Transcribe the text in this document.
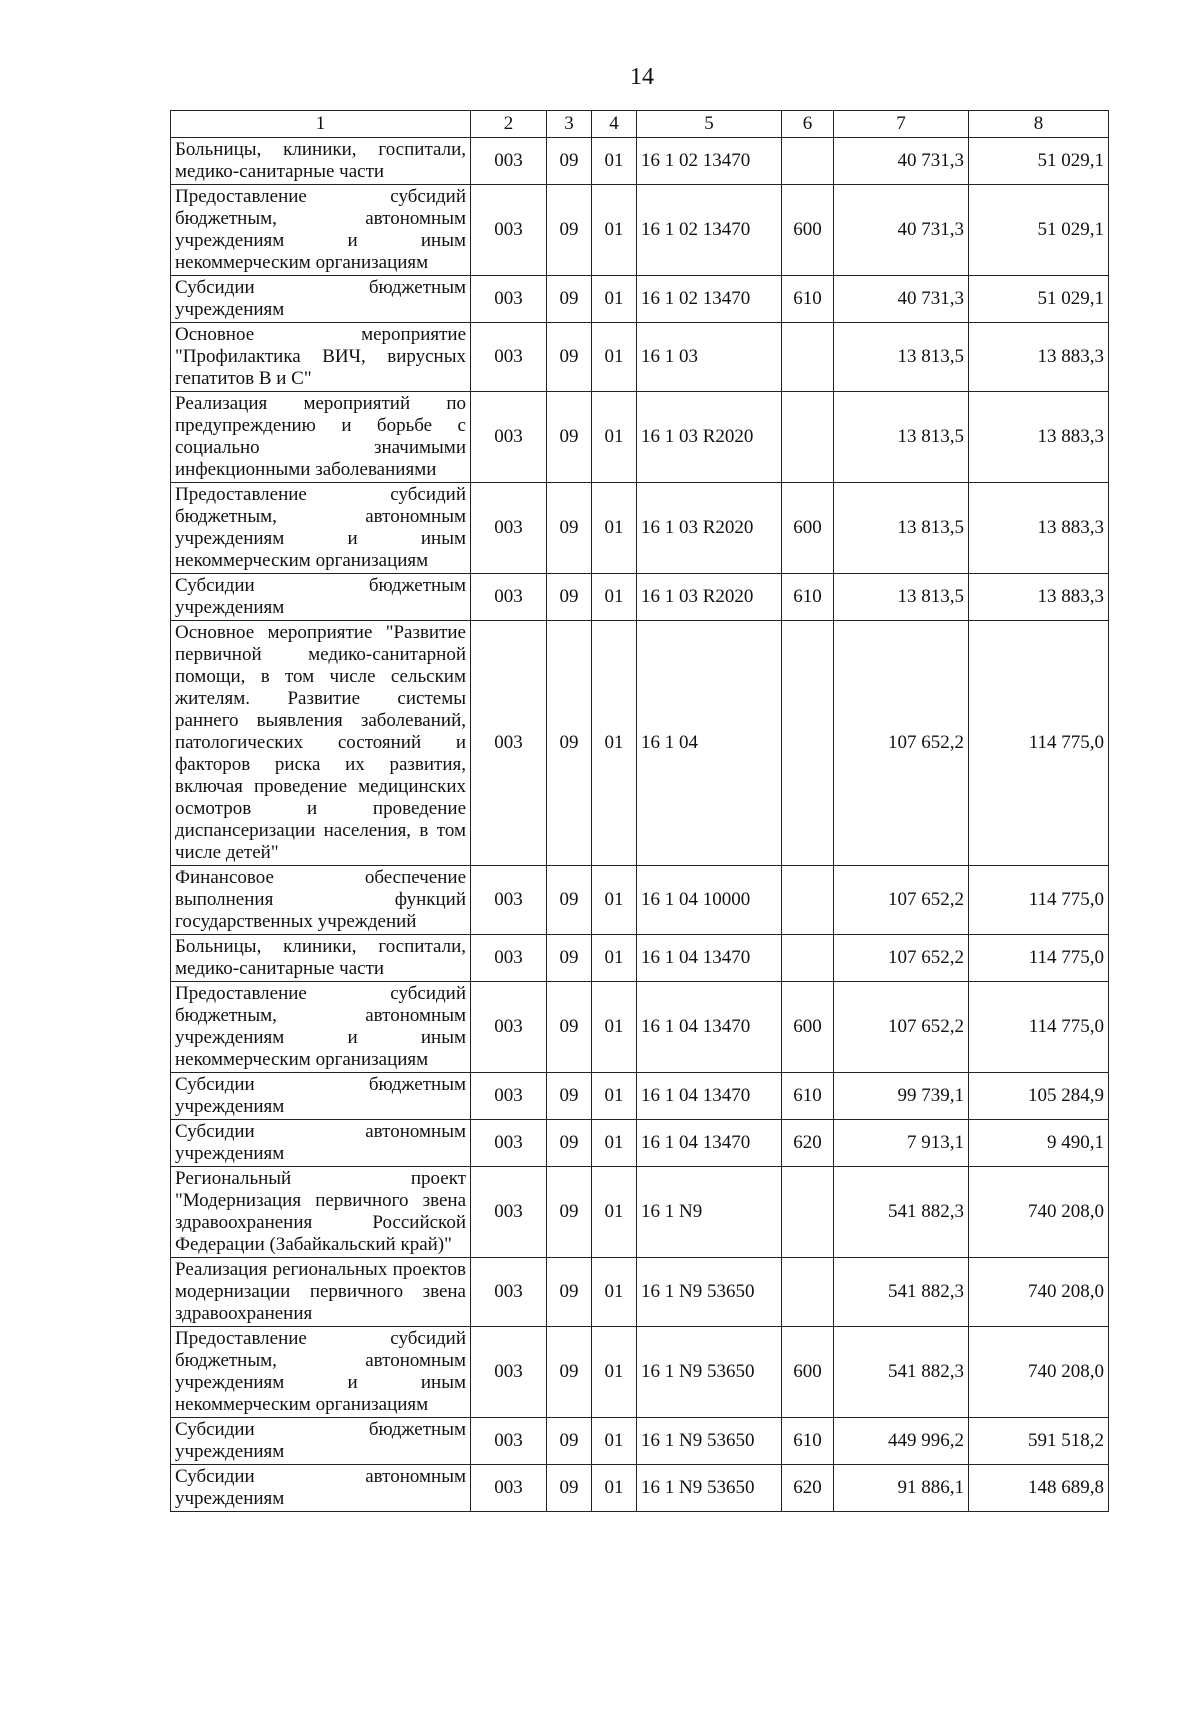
14
1	2	3	4	5	6	7	8
Больницы, клиники, госпитали, медико-санитарные части	003	09	01	16 1 02 13470		40 731,3	51 029,1
Предоставление субсидий бюджетным, автономным учреждениям и иным некоммерческим организациям	003	09	01	16 1 02 13470	600	40 731,3	51 029,1
Субсидии бюджетным учреждениям	003	09	01	16 1 02 13470	610	40 731,3	51 029,1
Основное мероприятие "Профилактика ВИЧ, вирусных гепатитов В и С"	003	09	01	16 1 03		13 813,5	13 883,3
Реализация мероприятий по предупреждению и борьбе с социально значимыми инфекционными заболеваниями	003	09	01	16 1 03 R2020		13 813,5	13 883,3
Предоставление субсидий бюджетным, автономным учреждениям и иным некоммерческим организациям	003	09	01	16 1 03 R2020	600	13 813,5	13 883,3
Субсидии бюджетным учреждениям	003	09	01	16 1 03 R2020	610	13 813,5	13 883,3
Основное мероприятие "Развитие первичной медико-санитарной помощи, в том числе сельским жителям. Развитие системы раннего выявления заболеваний, патологических состояний и факторов риска их развития, включая проведение медицинских осмотров и проведение диспансеризации населения, в том числе детей"	003	09	01	16 1 04		107 652,2	114 775,0
Финансовое обеспечение выполнения функций государственных учреждений	003	09	01	16 1 04 10000		107 652,2	114 775,0
Больницы, клиники, госпитали, медико-санитарные части	003	09	01	16 1 04 13470		107 652,2	114 775,0
Предоставление субсидий бюджетным, автономным учреждениям и иным некоммерческим организациям	003	09	01	16 1 04 13470	600	107 652,2	114 775,0
Субсидии бюджетным учреждениям	003	09	01	16 1 04 13470	610	99 739,1	105 284,9
Субсидии автономным учреждениям	003	09	01	16 1 04 13470	620	7 913,1	9 490,1
Региональный проект "Модернизация первичного звена здравоохранения Российской Федерации (Забайкальский край)"	003	09	01	16 1 N9		541 882,3	740 208,0
Реализация региональных проектов модернизации первичного звена здравоохранения	003	09	01	16 1 N9 53650		541 882,3	740 208,0
Предоставление субсидий бюджетным, автономным учреждениям и иным некоммерческим организациям	003	09	01	16 1 N9 53650	600	541 882,3	740 208,0
Субсидии бюджетным учреждениям	003	09	01	16 1 N9 53650	610	449 996,2	591 518,2
Субсидии автономным учреждениям	003	09	01	16 1 N9 53650	620	91 886,1	148 689,8
